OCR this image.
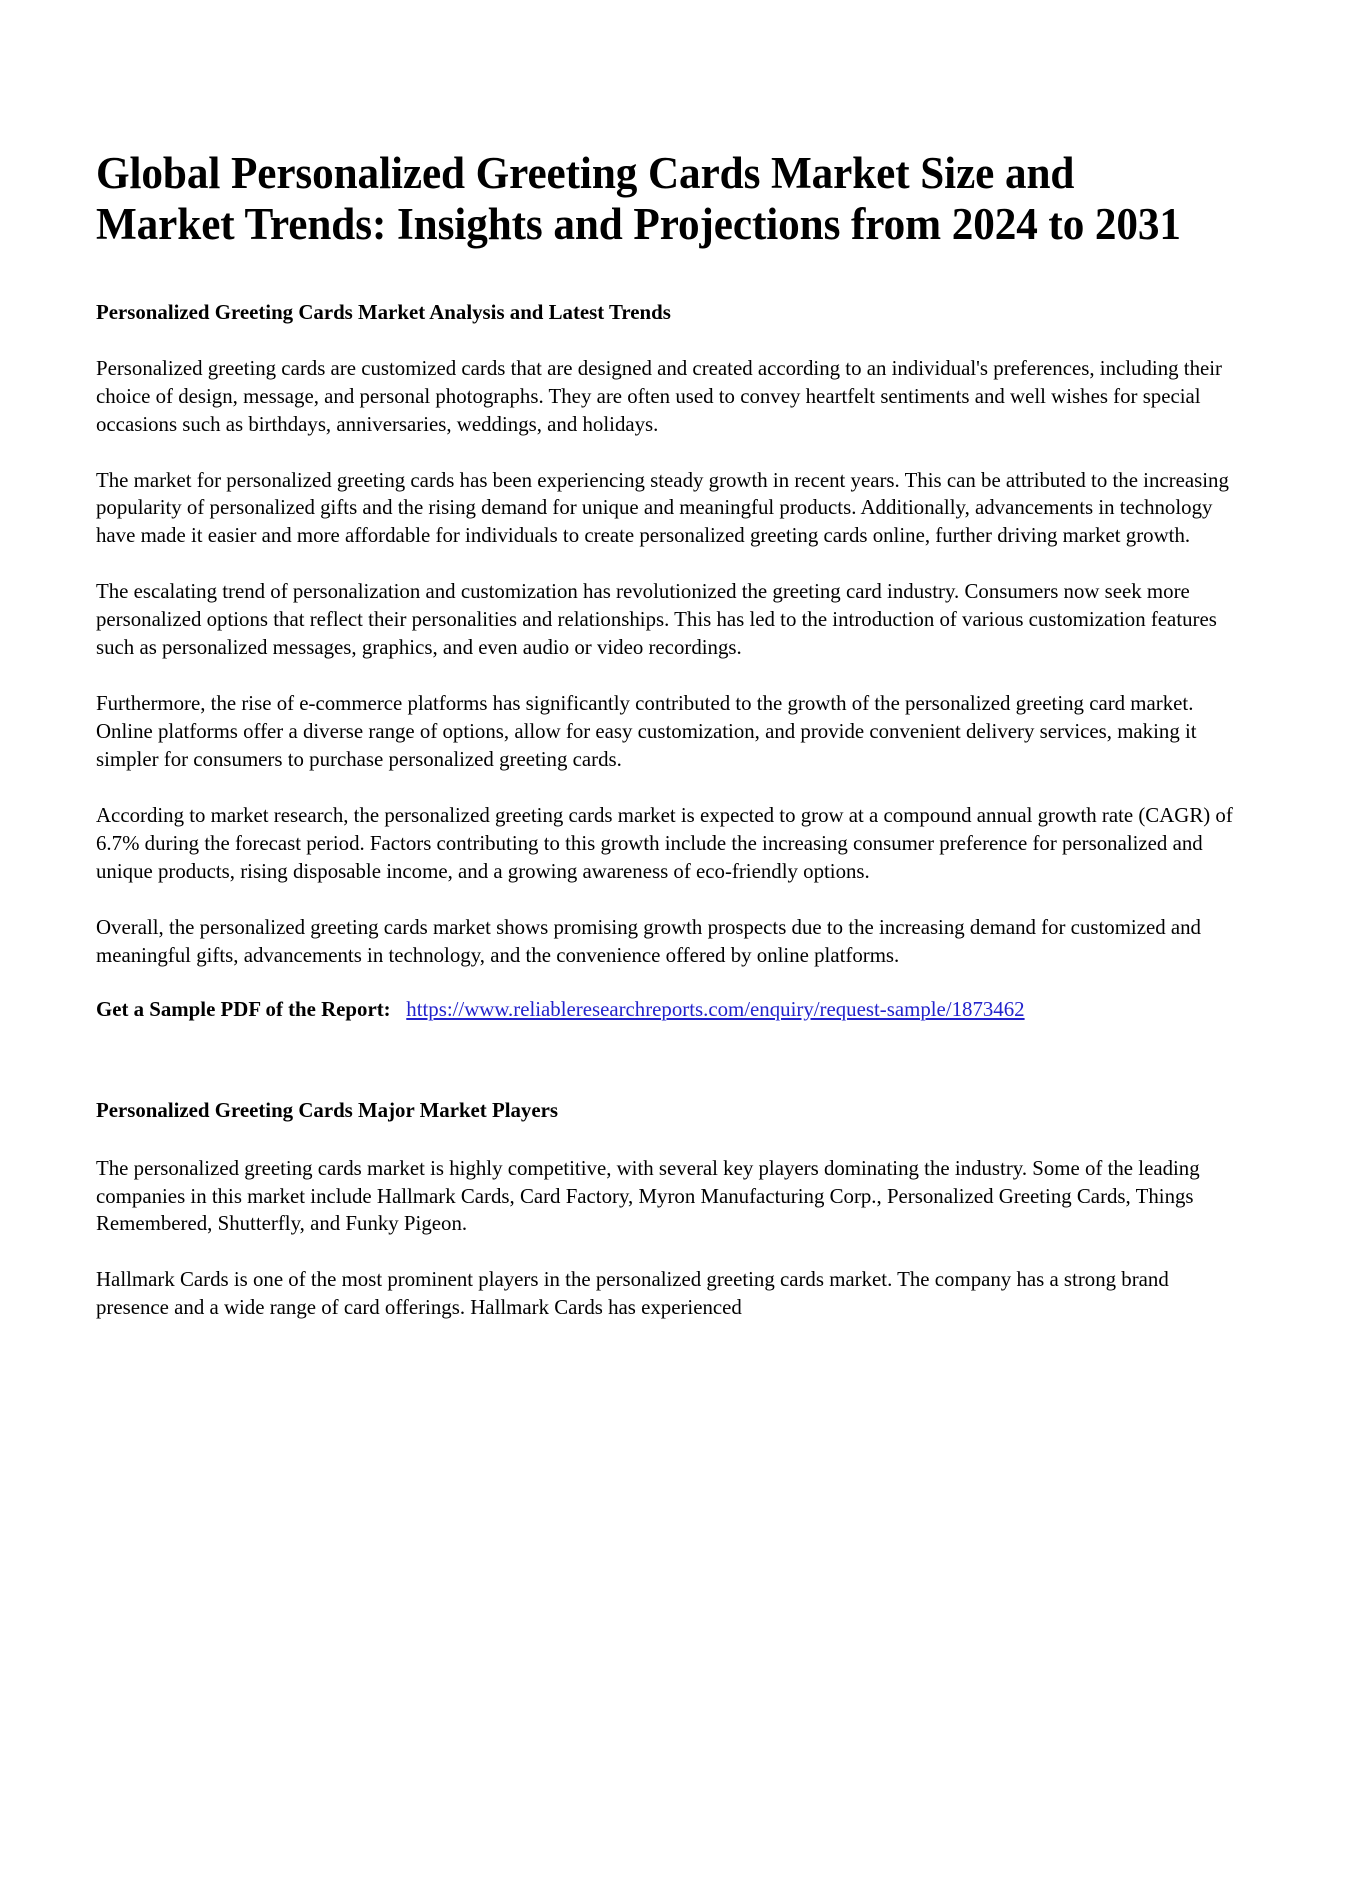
Global Personalized Greeting Cards Market Size and Market Trends: Insights and Projections from 2024 to 2031
Personalized Greeting Cards Market Analysis and Latest Trends

Personalized greeting cards are customized cards that are designed and created according to an individual's preferences, including their choice of design, message, and personal photographs. They are often used to convey heartfelt sentiments and well wishes for special occasions such as birthdays, anniversaries, weddings, and holidays.

The market for personalized greeting cards has been experiencing steady growth in recent years. This can be attributed to the increasing popularity of personalized gifts and the rising demand for unique and meaningful products. Additionally, advancements in technology have made it easier and more affordable for individuals to create personalized greeting cards online, further driving market growth.

The escalating trend of personalization and customization has revolutionized the greeting card industry. Consumers now seek more personalized options that reflect their personalities and relationships. This has led to the introduction of various customization features such as personalized messages, graphics, and even audio or video recordings.

Furthermore, the rise of e-commerce platforms has significantly contributed to the growth of the personalized greeting card market. Online platforms offer a diverse range of options, allow for easy customization, and provide convenient delivery services, making it simpler for consumers to purchase personalized greeting cards.

According to market research, the personalized greeting cards market is expected to grow at a compound annual growth rate (CAGR) of 6.7% during the forecast period. Factors contributing to this growth include the increasing consumer preference for personalized and unique products, rising disposable income, and a growing awareness of eco-friendly options.

Overall, the personalized greeting cards market shows promising growth prospects due to the increasing demand for customized and meaningful gifts, advancements in technology, and the convenience offered by online platforms.

Get a Sample PDF of the Report: https://www.reliableresearchreports.com/enquiry/request-sample/1873462

Personalized Greeting Cards Major Market Players

The personalized greeting cards market is highly competitive, with several key players dominating the industry. Some of the leading companies in this market include Hallmark Cards, Card Factory, Myron Manufacturing Corp., Personalized Greeting Cards, Things Remembered, Shutterfly, and Funky Pigeon.

Hallmark Cards is one of the most prominent players in the personalized greeting cards market. The company has a strong brand presence and a wide range of card offerings. Hallmark Cards has experienced
